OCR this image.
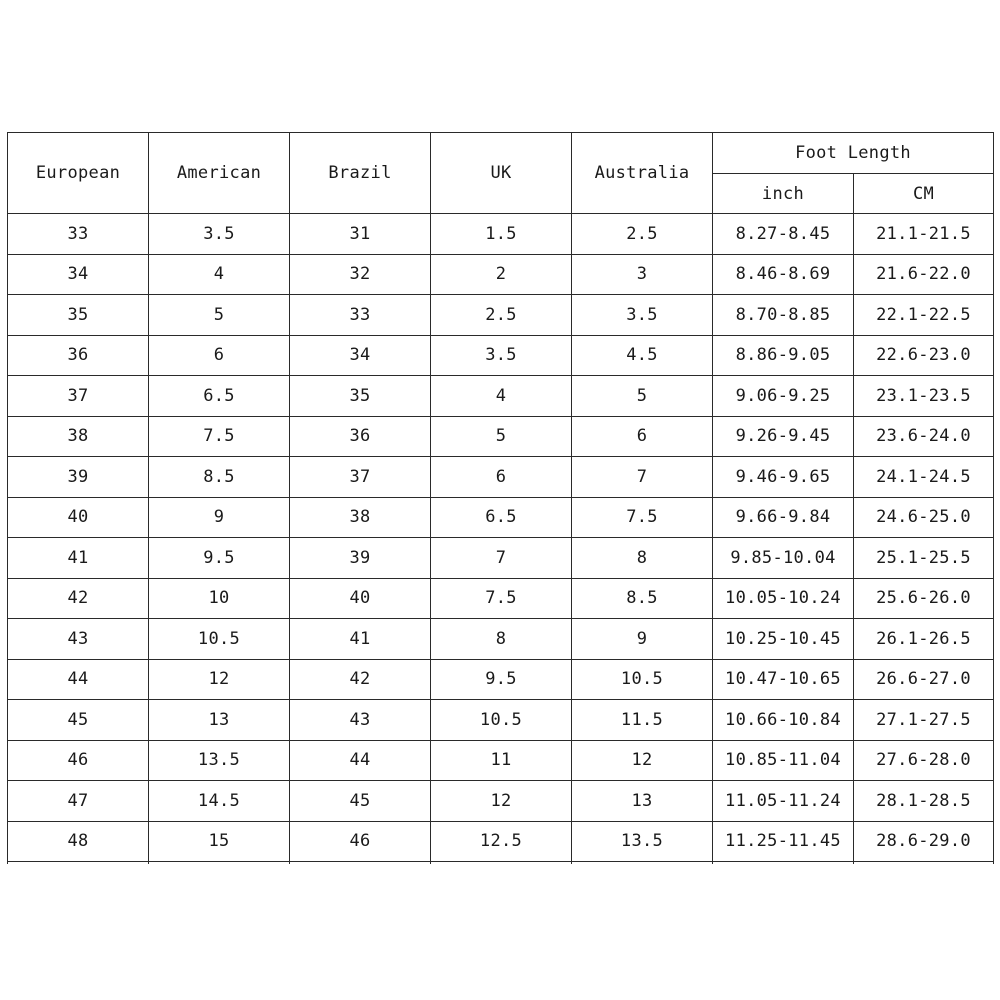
European	American	Brazil	UK	Australia	Foot Length	
					inch	CM
33	3.5	31	1.5	2.5	8.27-8.45	21.1-21.5
34	4	32	2	3	8.46-8.69	21.6-22.0
35	5	33	2.5	3.5	8.70-8.85	22.1-22.5
36	6	34	3.5	4.5	8.86-9.05	22.6-23.0
37	6.5	35	4	5	9.06-9.25	23.1-23.5
38	7.5	36	5	6	9.26-9.45	23.6-24.0
39	8.5	37	6	7	9.46-9.65	24.1-24.5
40	9	38	6.5	7.5	9.66-9.84	24.6-25.0
41	9.5	39	7	8	9.85-10.04	25.1-25.5
42	10	40	7.5	8.5	10.05-10.24	25.6-26.0
43	10.5	41	8	9	10.25-10.45	26.1-26.5
44	12	42	9.5	10.5	10.47-10.65	26.6-27.0
45	13	43	10.5	11.5	10.66-10.84	27.1-27.5
46	13.5	44	11	12	10.85-11.04	27.6-28.0
47	14.5	45	12	13	11.05-11.24	28.1-28.5
48	15	46	12.5	13.5	11.25-11.45	28.6-29.0
